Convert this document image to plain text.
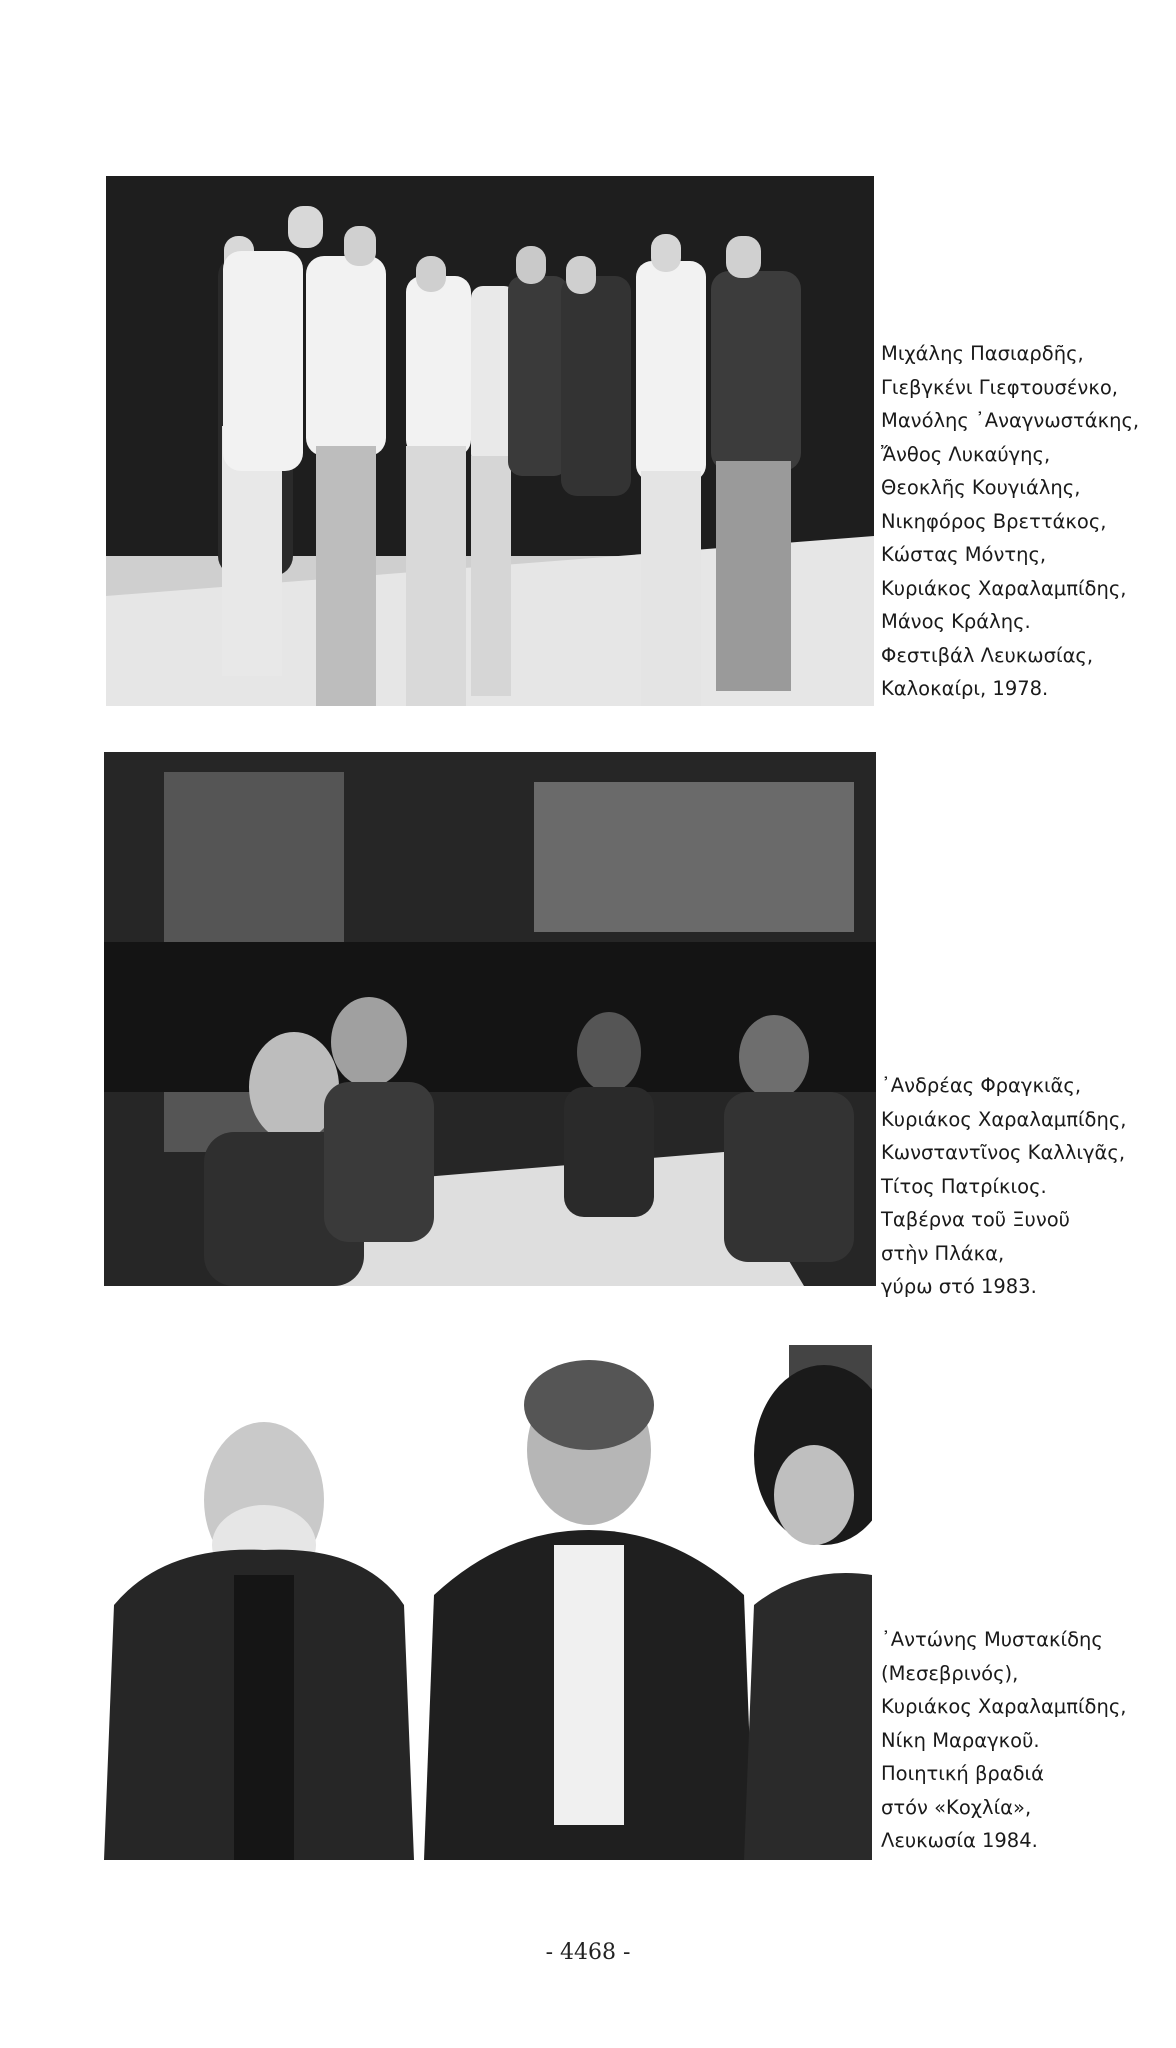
Μιχάλης Πασιαρδῆς,
Γιεβγκένι Γιεφτουσένκο,
Μανόλης ᾿Αναγνωστάκης,
Ἄνθος Λυκαύγης,
Θεοκλῆς Κουγιάλης,
Νικηφόρος Βρεττάκος,
Κώστας Μόντης,
Κυριάκος Χαραλαμπίδης,
Μάνος Κράλης.
Φεστιβάλ Λευκωσίας,
Καλοκαίρι, 1978.
᾿Ανδρέας Φραγκιᾶς,
Κυριάκος Χαραλαμπίδης,
Κωνσταντῖνος Καλλιγᾶς,
Τίτος Πατρίκιος.
Ταβέρνα τοῦ Ξυνοῦ
στὴν Πλάκα,
γύρω στό 1983.
᾿Αντώνης Μυστακίδης
(Μεσεβρινός),
Κυριάκος Χαραλαμπίδης,
Νίκη Μαραγκοῦ.
Ποιητική βραδιά
στόν «Κοχλία»,
Λευκωσία 1984.
- 4468 -
